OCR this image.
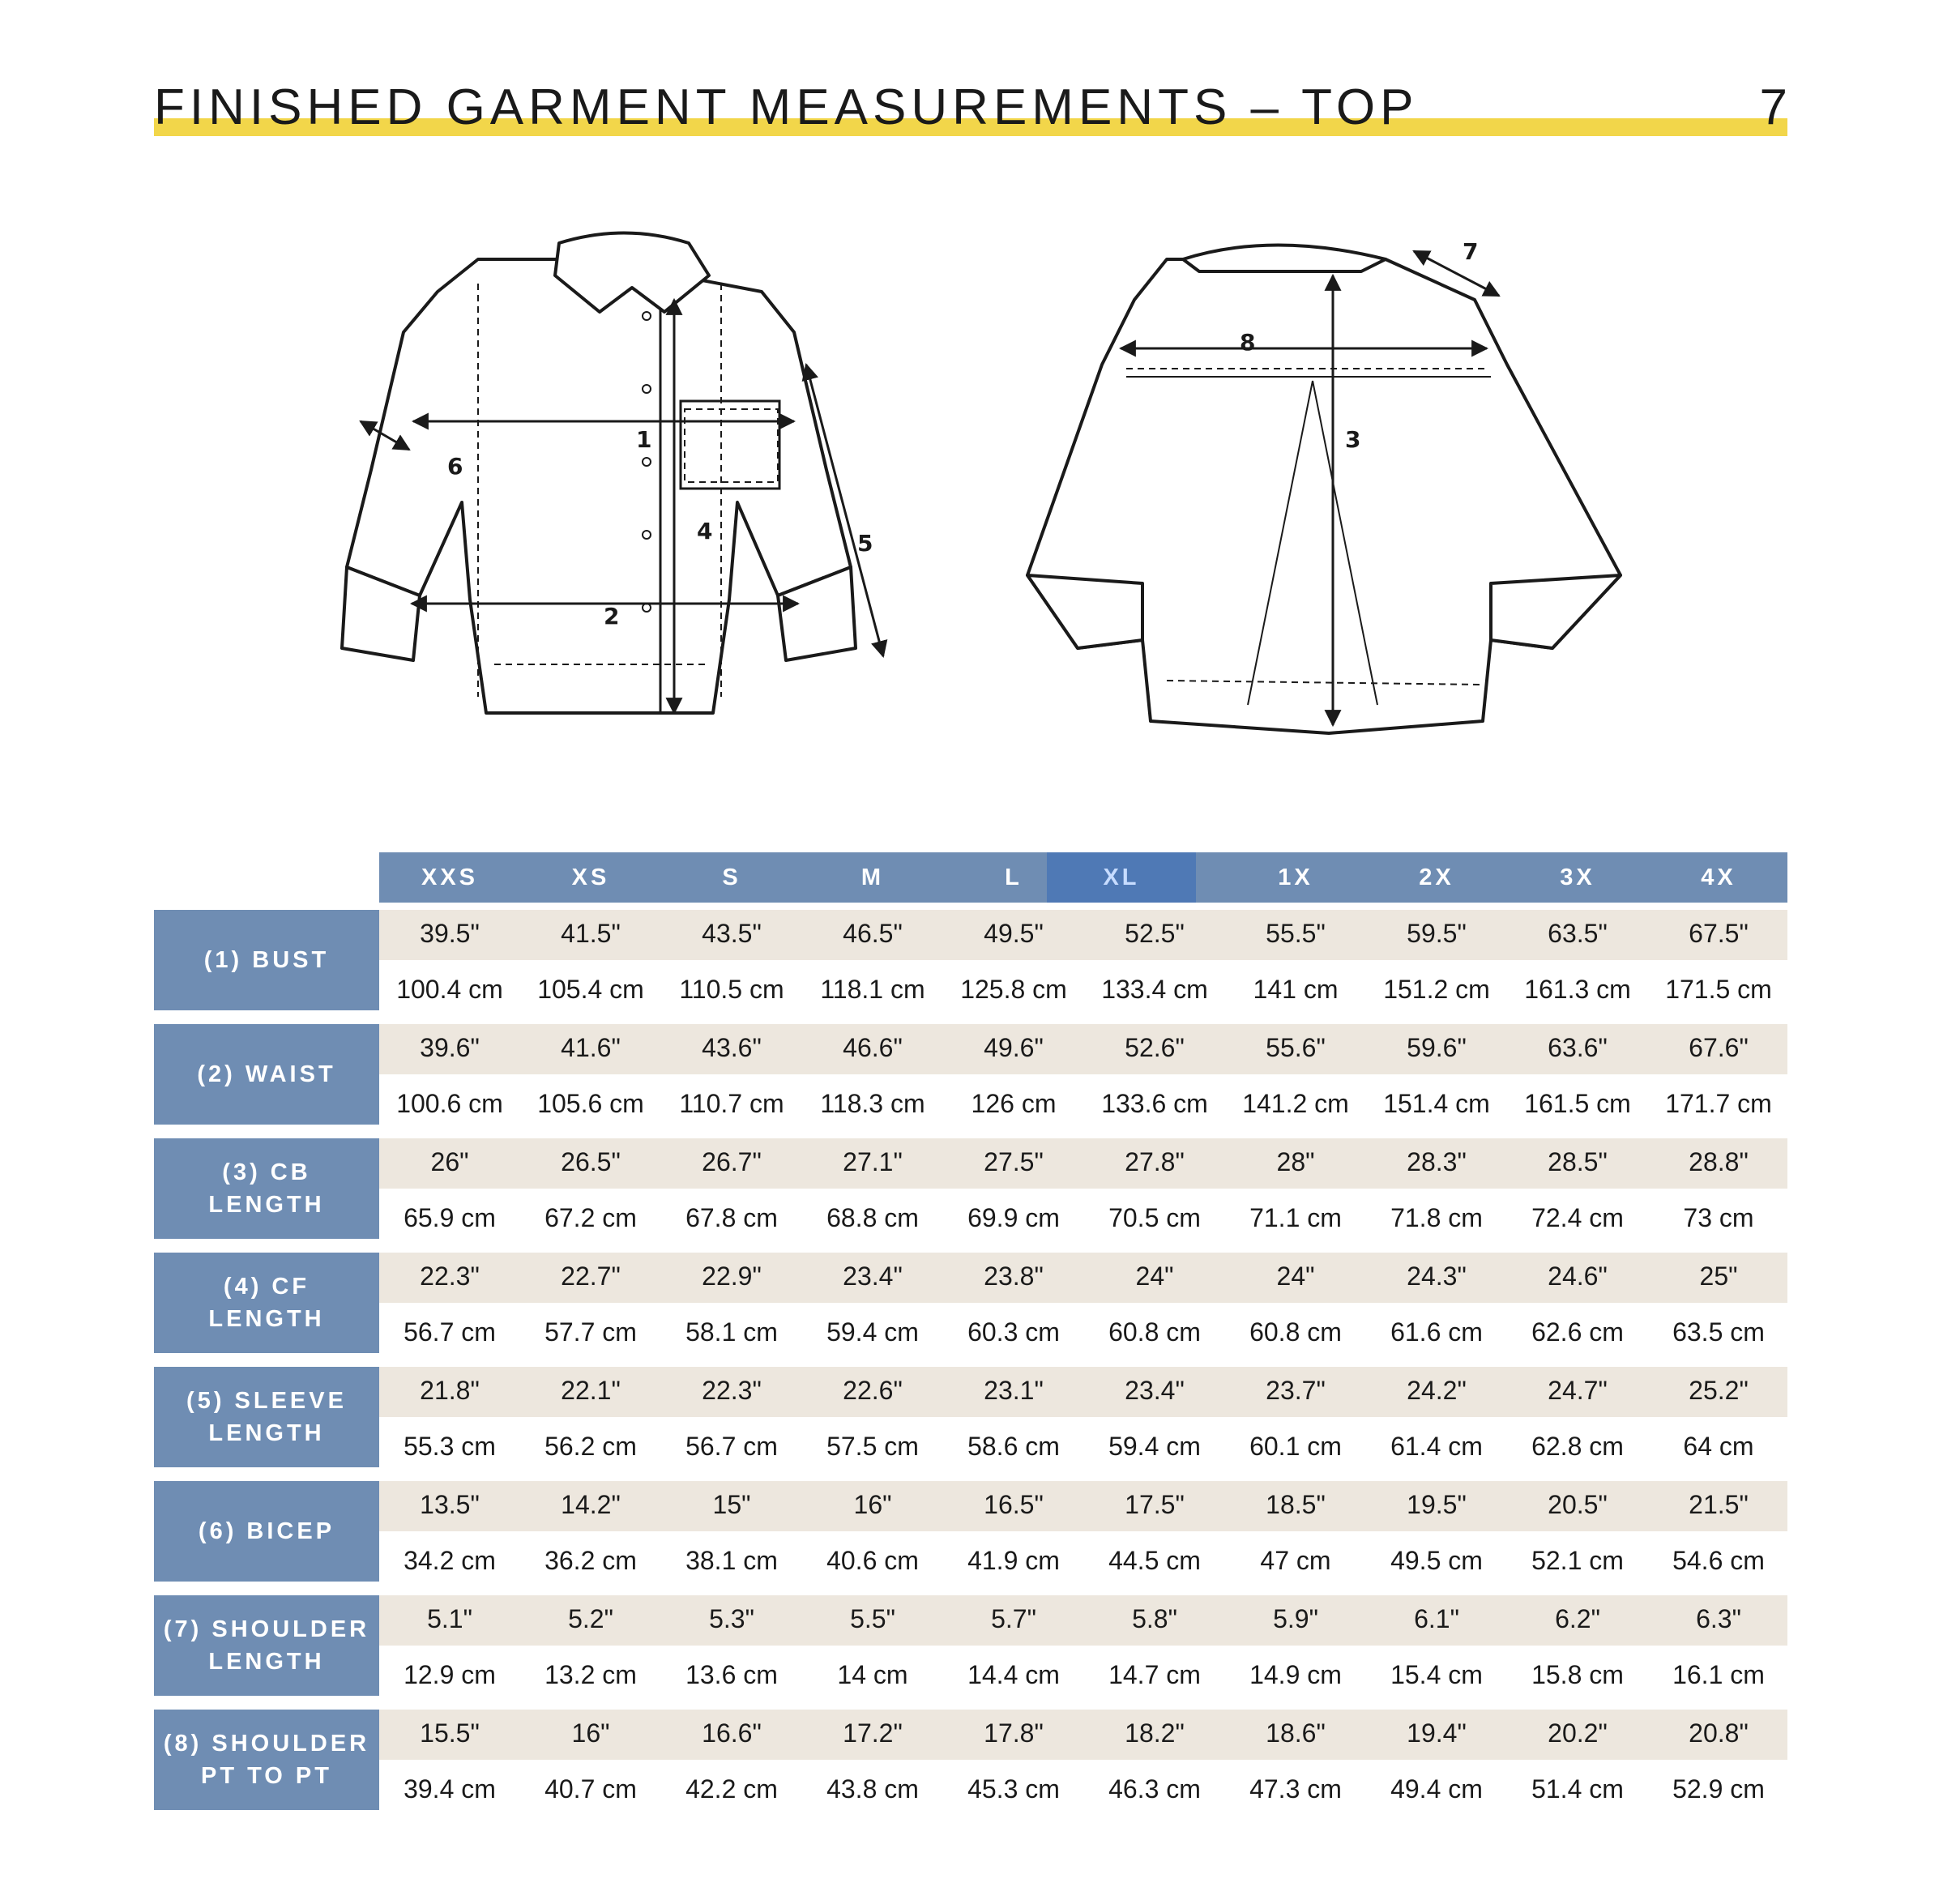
FINISHED GARMENT MEASUREMENTS – TOP	7
1
2
4	5
6
3
7
8
XXS	XS	S	M	L	XL	1X	2X	3X	4X
(1) BUST
39.5"	41.5"	43.5"	46.5"	49.5"	52.5"	55.5"	59.5"	63.5"	67.5"
100.4 cm	105.4 cm	110.5 cm	118.1 cm	125.8 cm	133.4 cm	141 cm	151.2 cm	161.3 cm	171.5 cm
(2) WAIST
39.6"	41.6"	43.6"	46.6"	49.6"	52.6"	55.6"	59.6"	63.6"	67.6"
100.6 cm	105.6 cm	110.7 cm	118.3 cm	126 cm	133.6 cm	141.2 cm	151.4 cm	161.5 cm	171.7 cm
(3) CB
LENGTH
26"	26.5"	26.7"	27.1"	27.5"	27.8"	28"	28.3"	28.5"	28.8"
65.9 cm	67.2 cm	67.8 cm	68.8 cm	69.9 cm	70.5 cm	71.1 cm	71.8 cm	72.4 cm	73 cm
(4) CF
LENGTH
22.3"	22.7"	22.9"	23.4"	23.8"	24"	24"	24.3"	24.6"	25"
56.7 cm	57.7 cm	58.1 cm	59.4 cm	60.3 cm	60.8 cm	60.8 cm	61.6 cm	62.6 cm	63.5 cm
(5) SLEEVE
LENGTH
21.8"	22.1"	22.3"	22.6"	23.1"	23.4"	23.7"	24.2"	24.7"	25.2"
55.3 cm	56.2 cm	56.7 cm	57.5 cm	58.6 cm	59.4 cm	60.1 cm	61.4 cm	62.8 cm	64 cm
(6) BICEP
13.5"	14.2"	15"	16"	16.5"	17.5"	18.5"	19.5"	20.5"	21.5"
34.2 cm	36.2 cm	38.1 cm	40.6 cm	41.9 cm	44.5 cm	47 cm	49.5 cm	52.1 cm	54.6 cm
(7) SHOULDER
LENGTH
5.1"	5.2"	5.3"	5.5"	5.7"	5.8"	5.9"	6.1"	6.2"	6.3"
12.9 cm	13.2 cm	13.6 cm	14 cm	14.4 cm	14.7 cm	14.9 cm	15.4 cm	15.8 cm	16.1 cm
(8) SHOULDER
PT TO PT
15.5"	16"	16.6"	17.2"	17.8"	18.2"	18.6"	19.4"	20.2"	20.8"
39.4 cm	40.7 cm	42.2 cm	43.8 cm	45.3 cm	46.3 cm	47.3 cm	49.4 cm	51.4 cm	52.9 cm
